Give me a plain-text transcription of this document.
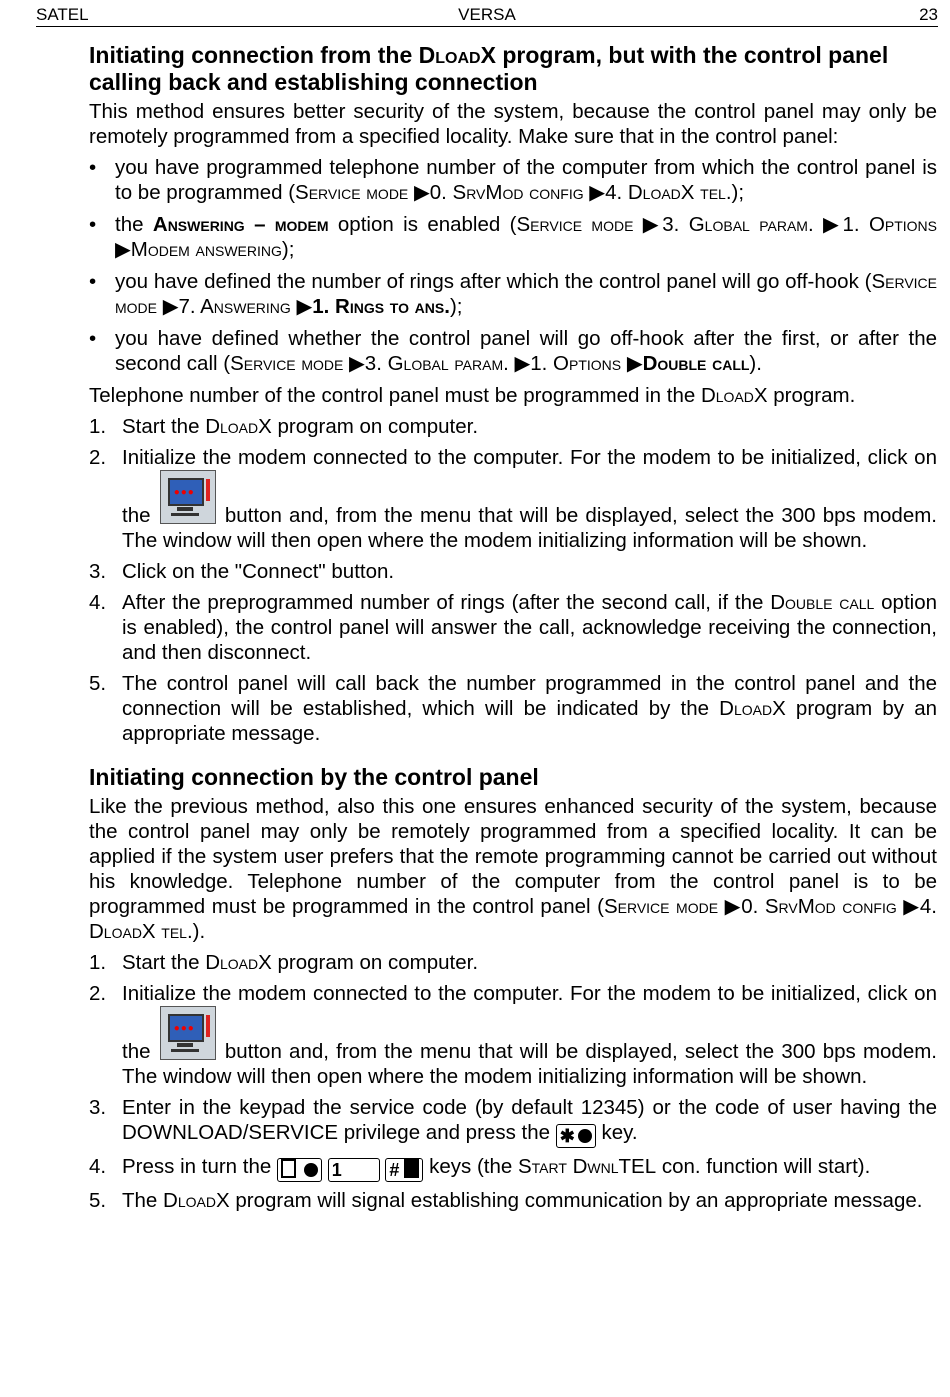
SATEL	VERSA	23
Initiating connection from the DloadX program, but with the control panel calling back and establishing connection

This method ensures better security of the system, because the control panel may only be remotely programmed from a specified locality. Make sure that in the control panel:

• you have programmed telephone number of the computer from which the control panel is to be programmed (Service mode ▶0. SrvMod config ▶4. DloadX tel.);
• the Answering – modem option is enabled (Service mode ▶3. Global param. ▶1. Options ▶Modem answering);
• you have defined the number of rings after which the control panel will go off-hook (Service mode ▶7. Answering ▶1. Rings to ans.);
• you have defined whether the control panel will go off-hook after the first, or after the second call (Service mode ▶3. Global param. ▶1. Options ▶Double call).

Telephone number of the control panel must be programmed in the DloadX program.

1. Start the DloadX program on computer.
2. Initialize the modem connected to the computer. For the modem to be initialized, click on the
●●●
button and, from the menu that will be displayed, select the 300 bps modem. The window will then open where the modem initializing information will be shown.
3. Click on the "Connect" button.
4. After the preprogrammed number of rings (after the second call, if the Double call option is enabled), the control panel will answer the call, acknowledge receiving the connection, and then disconnect.
5. The control panel will call back the number programmed in the control panel and the connection will be established, which will be indicated by the DloadX program by an appropriate message.
Initiating connection by the control panel

Like the previous method, also this one ensures enhanced security of the system, because the control panel may only be remotely programmed from a specified locality. It can be applied if the system user prefers that the remote programming cannot be carried out without his knowledge. Telephone number of the computer from the control panel is to be programmed must be programmed in the control panel (Service mode ▶0. SrvMod config ▶4. DloadX tel.).

1. Start the DloadX program on computer.
2. Initialize the modem connected to the computer. For the modem to be initialized, click on the
●●●
button and, from the menu that will be displayed, select the 300 bps modem. The window will then open where the modem initializing information will be shown.
3. Enter in the keypad the service code (by default 12345) or the code of user having the DOWNLOAD/SERVICE privilege and press the ✱ key.
4. Press in turn the	1	#  keys (the Start DwnlTEL con. function will start).
5. The DloadX program will signal establishing communication by an appropriate message.
